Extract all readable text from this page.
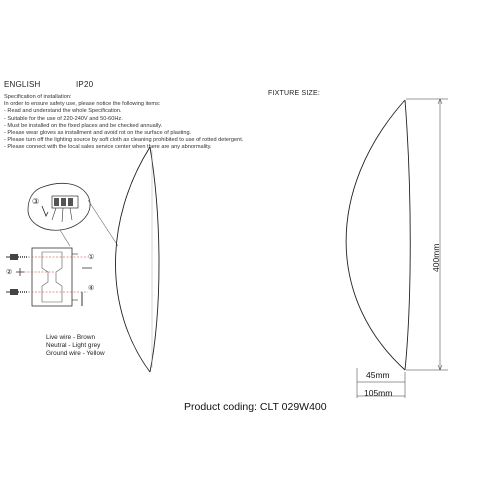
ENGLISH	IP20
FIXTURE SIZE:
Specification of installation:
In order to ensure safety use, please notice the following items:
- Read and understand the whole Specification.
- Suitable for the use of 220-240V and 50-60Hz.
- Must be installed on the fixed places and be checked annually.
- Please wear gloves as installment and avoid rot on the surface of plasting.
- Please turn off the lighting source by soft cloth as cleaning prohibited to use of rotted detergent.
- Please connect with the local sales service center when there are any abnormality.
③
②
①
④
Live wire - Brown
Neutral - Light grey
Ground wire - Yellow
400mm
45mm
105mm
Product coding: CLT 029W400
